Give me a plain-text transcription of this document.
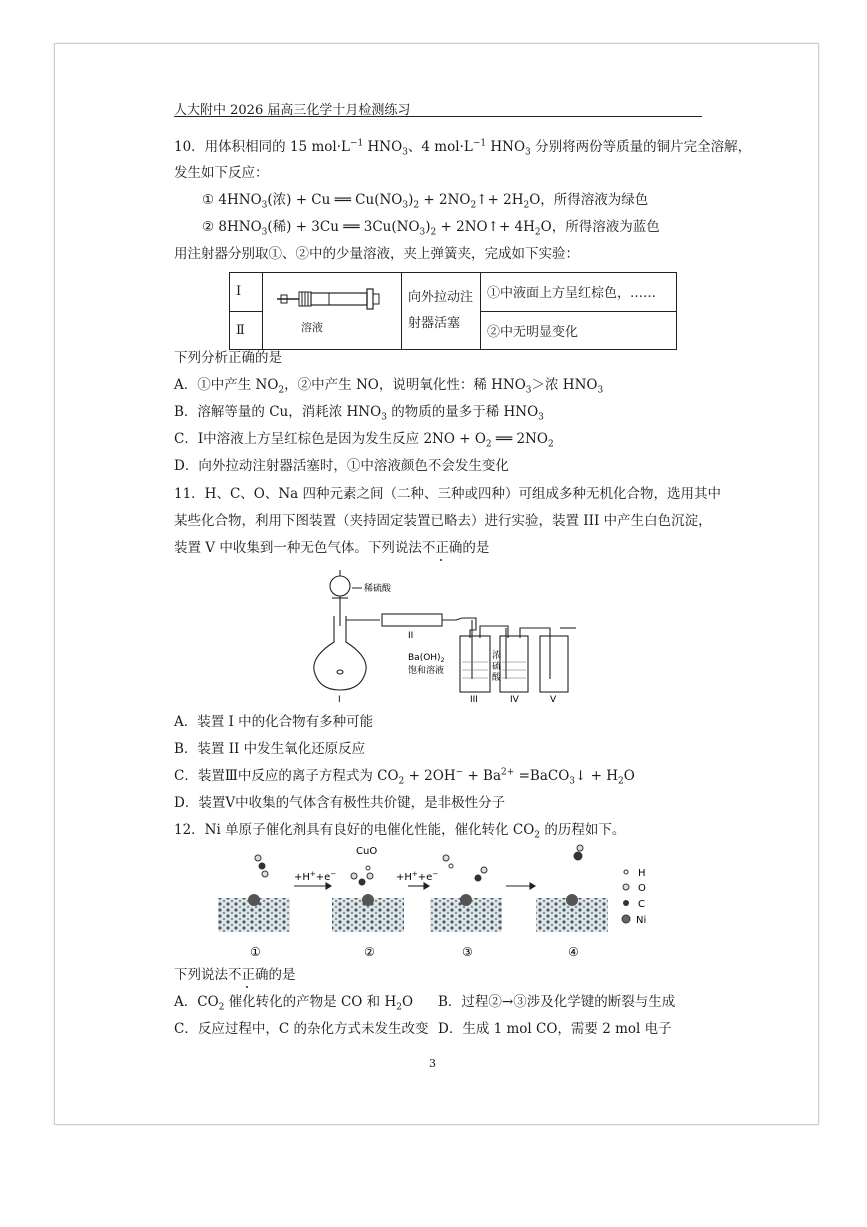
人大附中 2026 届高三化学十月检测练习
10．用体积相同的 15 $mol\cdot L^{-1}$ $HNO_3$、4 $mol\cdot L^{-1}$ $HNO_3$ 分别将两份等质量的铜片完全溶解，
发生如下反应：
① $4HNO_3$(浓) + Cu ══ $Cu(NO_3)_2$ + $2NO_2↑+ 2H_2O$，所得溶液为绿色
② $8HNO_3$(稀) + 3Cu ══ $3Cu(NO_3)_2$ + 2NO↑+ $4H_2O$，所得溶液为蓝色
用注射器分别取①、②中的少量溶液，夹上弹簧夹，完成如下实验：
Ⅰ	溶液	向外拉动注射器活塞	①中液面上方呈红棕色，……
Ⅱ			②中无明显变化
下列分析正确的是
A．①中产生 $NO_2$，②中产生 NO，说明氧化性：稀 $HNO_3>$浓 $HNO_3$
B．溶解等量的 Cu，消耗浓 $HNO_3$ 的物质的量多于稀 $HNO_3$
C．Ⅰ中溶液上方呈红棕色是因为发生反应 $2NO + O_2$ ══ $2NO_2$
D．向外拉动注射器活塞时，①中溶液颜色不会发生变化
11．H、C、O、Na 四种元素之间（二种、三种或四种）可组成多种无机化合物，选用其中
某些化合物，利用下图装置（夹持固定装置已略去）进行实验，装置 III 中产生白色沉淀，
装置 V 中收集到一种无色气体。下列说法不正确的是
稀硫酸
II
$Ba(OH)_2$
饱和溶液
浓
硫
酸
I	III	IV	V
A．装置 I 中的化合物有多种可能
B．装置 II 中发生氧化还原反应
C．装置Ⅲ中反应的离子方程式为 $CO_2 + 2OH^- + Ba^{2+}$ =BaCO$_3$↓ + $H_2O$
D．装置Ⅴ中收集的气体含有极性共价键，是非极性分子
12．Ni 单原子催化剂具有良好的电催化性能，催化转化 $CO_2$ 的历程如下。
+H++e−	+H++e−
CuO
①	②	③	④
H
O
C
Ni
下列说法不正确的是
A．$CO_2$ 催化转化的产物是 CO 和 $H_2O$ B．过程②→③涉及化学键的断裂与生成
C．反应过程中，C 的杂化方式未发生改变 D．生成 1 mol CO，需要 2 mol 电子
3
